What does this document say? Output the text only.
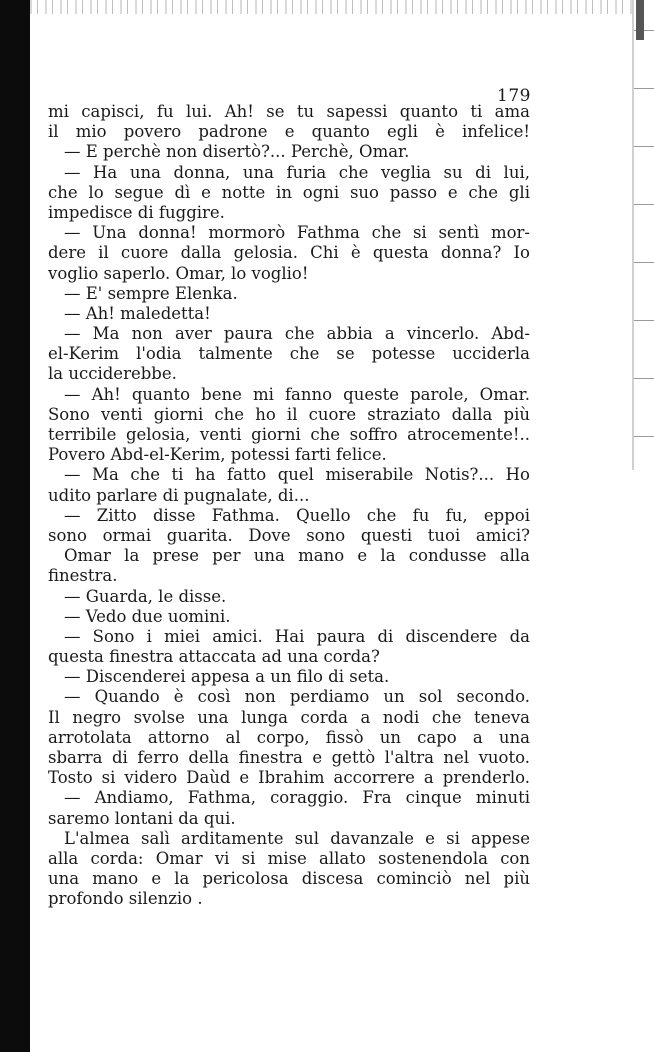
179
mi capisci, fu lui. Ah! se tu sapessi quanto ti ama
il mio povero padrone e quanto egli è infelice!
— E perchè non disertò?... Perchè, Omar.
— Ha una donna, una furia che veglia su di lui,
che lo segue dì e notte in ogni suo passo e che gli
impedisce di fuggire.
— Una donna! mormorò Fathma che si sentì mor-
dere il cuore dalla gelosia. Chi è questa donna? Io
voglio saperlo. Omar, lo voglio!
— E' sempre Elenka.
— Ah! maledetta!
— Ma non aver paura che abbia a vincerlo. Abd-
el-Kerim l'odia talmente che se potesse ucciderla
la ucciderebbe.
— Ah! quanto bene mi fanno queste parole, Omar.
Sono venti giorni che ho il cuore straziato dalla più
terribile gelosia, venti giorni che soffro atrocemente!..
Povero Abd-el-Kerim, potessi farti felice.
— Ma che ti ha fatto quel miserabile Notis?... Ho
udito parlare di pugnalate, di...
— Zitto disse Fathma. Quello che fu fu, eppoi
sono ormai guarita. Dove sono questi tuoi amici?
Omar la prese per una mano e la condusse alla
finestra.
— Guarda, le disse.
— Vedo due uomini.
— Sono i miei amici. Hai paura di discendere da
questa finestra attaccata ad una corda?
— Discenderei appesa a un filo di seta.
— Quando è così non perdiamo un sol secondo.
Il negro svolse una lunga corda a nodi che teneva
arrotolata attorno al corpo, fissò un capo a una
sbarra di ferro della finestra e gettò l'altra nel vuoto.
Tosto si videro Daùd e Ibrahim accorrere a prenderlo.
— Andiamo, Fathma, coraggio. Fra cinque minuti
saremo lontani da qui.
L'almea salì arditamente sul davanzale e si appese
alla corda: Omar vi si mise allato sostenendola con
una mano e la pericolosa discesa cominciò nel più
profondo silenzio .
